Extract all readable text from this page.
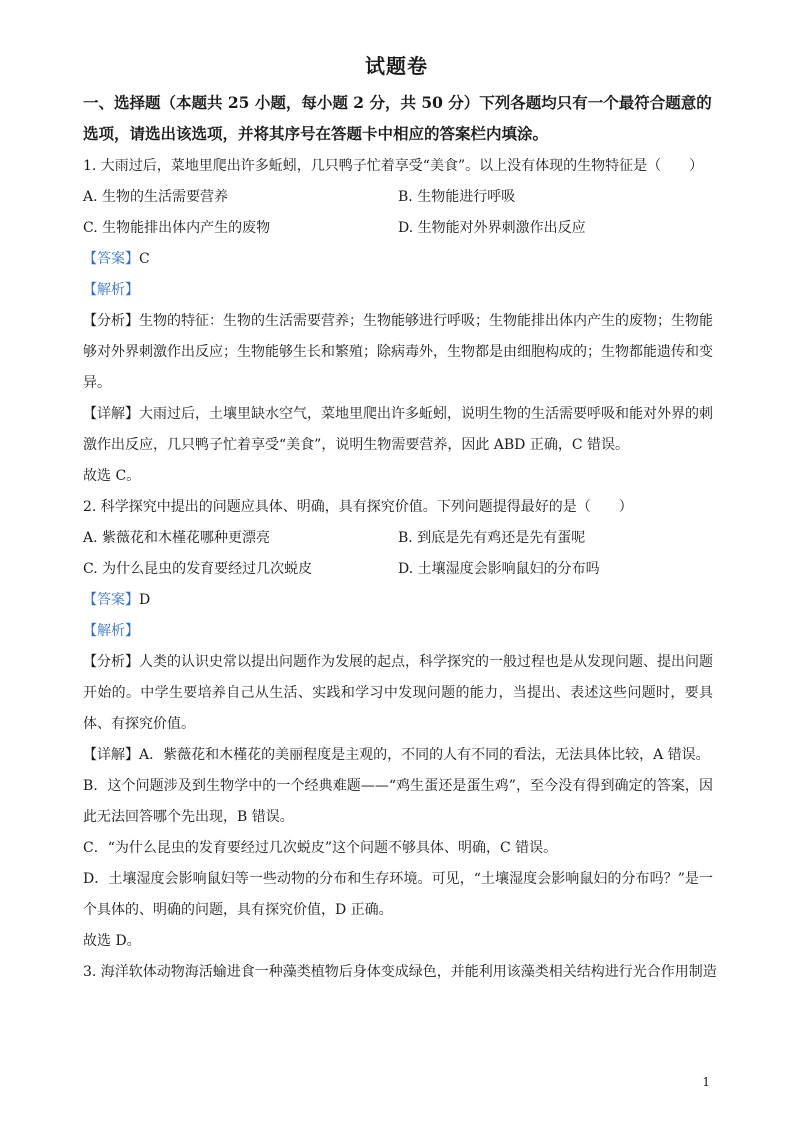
试题卷
一、选择题（本题共 25 小题，每小题 2 分，共 50 分）下列各题均只有一个最符合题意的选项，请选出该选项，并将其序号在答题卡中相应的答案栏内填涂。
1. 大雨过后，菜地里爬出许多蚯蚓，几只鸭子忙着享受“美食”。以上没有体现的生物特征是（　　）
A. 生物的生活需要营养	B. 生物能进行呼吸
C. 生物能排出体内产生的废物	D. 生物能对外界刺激作出反应
【答案】C
【解析】
【分析】生物的特征：生物的生活需要营养；生物能够进行呼吸；生物能排出体内产生的废物；生物能够对外界刺激作出反应；生物能够生长和繁殖；除病毒外，生物都是由细胞构成的；生物都能遗传和变异。
【详解】大雨过后，土壤里缺水空气，菜地里爬出许多蚯蚓，说明生物的生活需要呼吸和能对外界的刺激作出反应，几只鸭子忙着享受“美食”，说明生物需要营养，因此 ABD 正确，C 错误。
故选 C。
2. 科学探究中提出的问题应具体、明确，具有探究价值。下列问题提得最好的是（　　）
A. 紫薇花和木槿花哪种更漂亮	B. 到底是先有鸡还是先有蛋呢
C. 为什么昆虫的发育要经过几次蜕皮	D. 土壤湿度会影响鼠妇的分布吗
【答案】D
【解析】
【分析】人类的认识史常以提出问题作为发展的起点，科学探究的一般过程也是从发现问题、提出问题开始的。中学生要培养自己从生活、实践和学习中发现问题的能力，当提出、表述这些问题时，要具体、有探究价值。
【详解】A．紫薇花和木槿花的美丽程度是主观的，不同的人有不同的看法，无法具体比较，A 错误。
B．这个问题涉及到生物学中的一个经典难题——“鸡生蛋还是蛋生鸡”，至今没有得到确定的答案，因此无法回答哪个先出现，B 错误。
C．“为什么昆虫的发育要经过几次蜕皮”这个问题不够具体、明确，C 错误。
D．土壤湿度会影响鼠妇等一些动物的分布和生存环境。可见，“土壤湿度会影响鼠妇的分布吗？”是一个具体的、明确的问题，具有探究价值，D 正确。
故选 D。
3. 海洋软体动物海活蝓进食一种藻类植物后身体变成绿色，并能利用该藻类相关结构进行光合作用制造
1
